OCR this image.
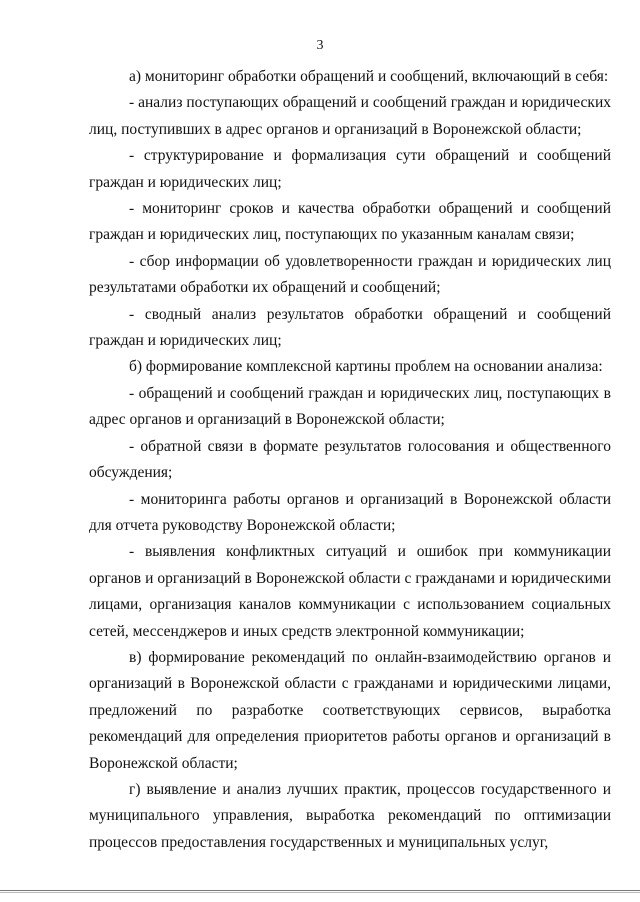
3

а) мониторинг обработки обращений и сообщений, включающий в себя:

- анализ поступающих обращений и сообщений граждан и юридических лиц, поступивших в адрес органов и организаций в Воронежской области;

- структурирование и формализация сути обращений и сообщений граждан и юридических лиц;

- мониторинг сроков и качества обработки обращений и сообщений граждан и юридических лиц, поступающих по указанным каналам связи;

- сбор информации об удовлетворенности граждан и юридических лиц результатами обработки их обращений и сообщений;

- сводный анализ результатов обработки обращений и сообщений граждан и юридических лиц;

б) формирование комплексной картины проблем на основании анализа:

- обращений и сообщений граждан и юридических лиц, поступающих в адрес органов и организаций в Воронежской области;

- обратной связи в формате результатов голосования и общественного обсуждения;

- мониторинга работы органов и организаций в Воронежской области для отчета руководству Воронежской области;

- выявления конфликтных ситуаций и ошибок при коммуникации органов и организаций в Воронежской области с гражданами и юридическими лицами, организация каналов коммуникации с использованием социальных сетей, мессенджеров и иных средств электронной коммуникации;

в) формирование рекомендаций по онлайн-взаимодействию органов и организаций в Воронежской области с гражданами и юридическими лицами, предложений по разработке соответствующих сервисов, выработка рекомендаций для определения приоритетов работы органов и организаций в Воронежской области;

г) выявление и анализ лучших практик, процессов государственного и муниципального управления, выработка рекомендаций по оптимизации процессов предоставления государственных и муниципальных услуг,
